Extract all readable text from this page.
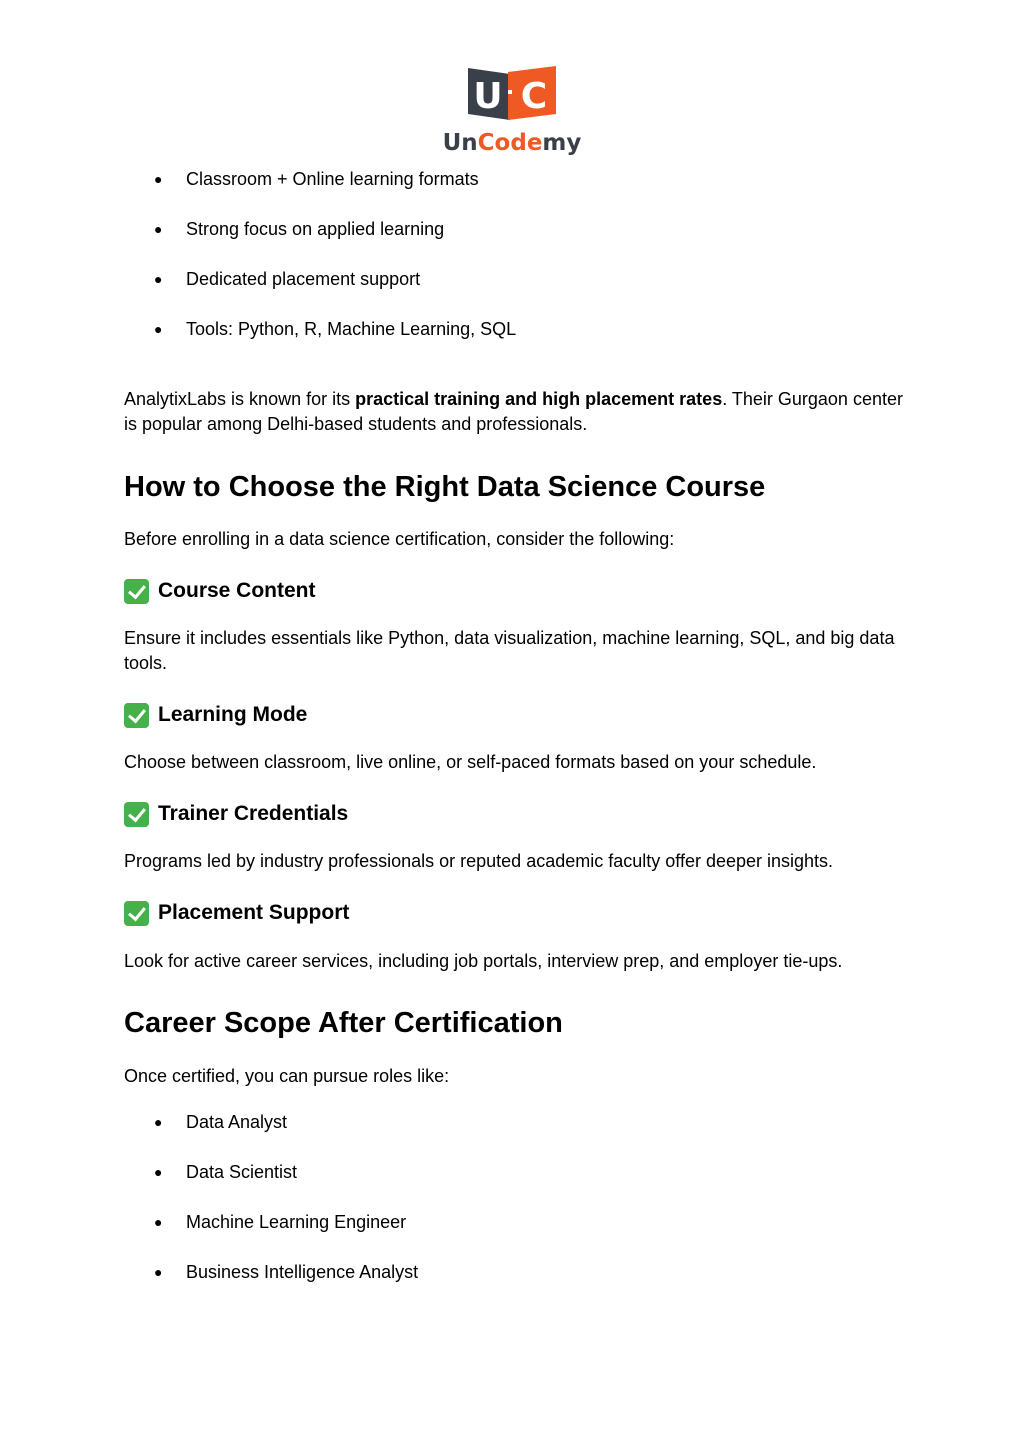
U C
UnCodemy
● Classroom + Online learning formats
● Strong focus on applied learning
● Dedicated placement support
● Tools: Python, R, Machine Learning, SQL

AnalytixLabs is known for its practical training and high placement rates. Their Gurgaon center is popular among Delhi-based students and professionals.

How to Choose the Right Data Science Course

Before enrolling in a data science certification, consider the following:

Course Content

Ensure it includes essentials like Python, data visualization, machine learning, SQL, and big data tools.

Learning Mode

Choose between classroom, live online, or self-paced formats based on your schedule.

Trainer Credentials

Programs led by industry professionals or reputed academic faculty offer deeper insights.

Placement Support

Look for active career services, including job portals, interview prep, and employer tie-ups.

Career Scope After Certification

Once certified, you can pursue roles like:

● Data Analyst
● Data Scientist
● Machine Learning Engineer
● Business Intelligence Analyst
